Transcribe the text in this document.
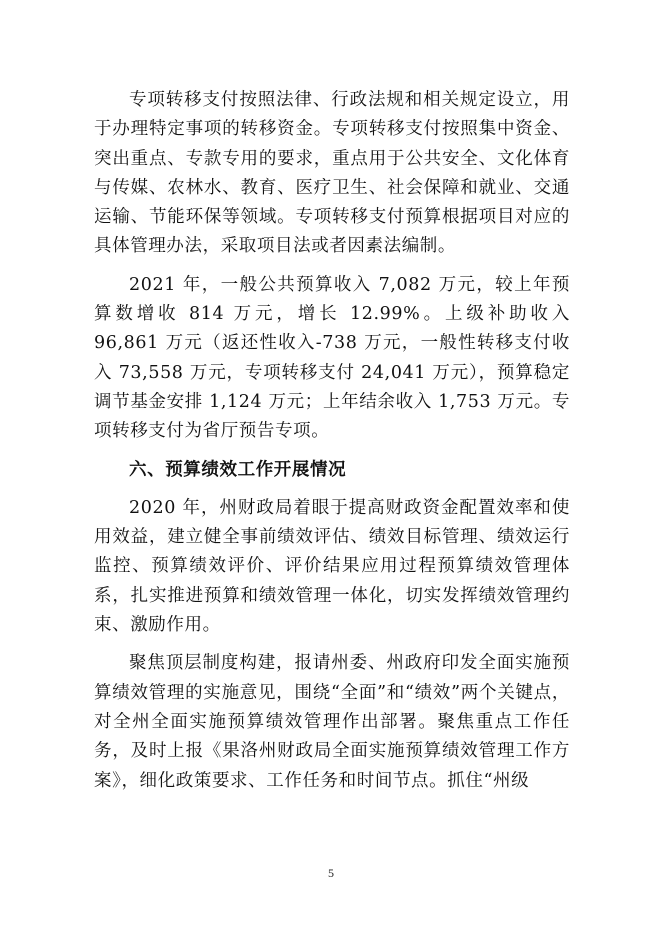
专项转移支付按照法律、行政法规和相关规定设立，用于办理特定事项的转移资金。专项转移支付按照集中资金、突出重点、专款专用的要求，重点用于公共安全、文化体育与传媒、农林水、教育、医疗卫生、社会保障和就业、交通运输、节能环保等领域。专项转移支付预算根据项目对应的具体管理办法，采取项目法或者因素法编制。

2021 年，一般公共预算收入 7,082 万元，较上年预算数增收 814 万元，增长 12.99%。上级补助收入 96,861 万元（返还性收入-738 万元，一般性转移支付收入 73,558 万元，专项转移支付 24,041 万元），预算稳定调节基金安排 1,124 万元；上年结余收入 1,753 万元。专项转移支付为省厅预告专项。

六、预算绩效工作开展情况

2020 年，州财政局着眼于提高财政资金配置效率和使用效益，建立健全事前绩效评估、绩效目标管理、绩效运行监控、预算绩效评价、评价结果应用过程预算绩效管理体系，扎实推进预算和绩效管理一体化，切实发挥绩效管理约束、激励作用。

聚焦顶层制度构建，报请州委、州政府印发全面实施预算绩效管理的实施意见，围绕“全面”和“绩效”两个关键点，对全州全面实施预算绩效管理作出部署。聚焦重点工作任务，及时上报《果洛州财政局全面实施预算绩效管理工作方案》，细化政策要求、工作任务和时间节点。抓住“州级

5
